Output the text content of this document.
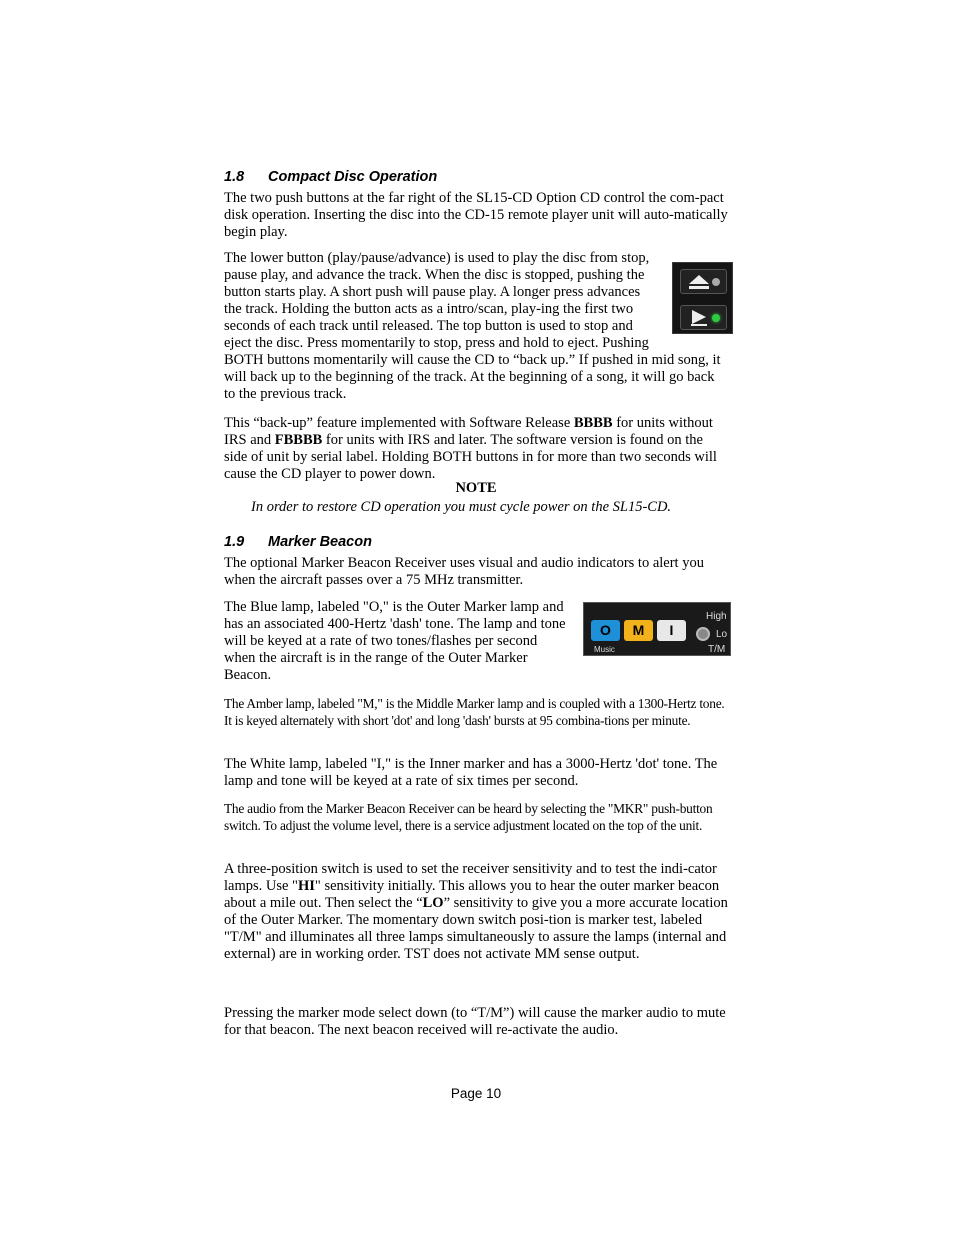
1.8 Compact Disc Operation

The two push buttons at the far right of the SL15-CD Option CD control the com-pact disk operation. Inserting the disc into the CD-15 remote player unit will auto-matically begin play.

The lower button (play/pause/advance) is used to play the disc from stop, pause play, and advance the track. When the disc is stopped, pushing the button starts play. A short push will pause play. A longer press advances the track. Holding the button acts as a intro/scan, play-ing the first two seconds of each track until released. The top button is used to stop and eject the disc. Press momentarily to stop, press and hold to eject. Pushing BOTH buttons momentarily will cause the CD to “back up.” If pushed in mid song, it will back up to the beginning of the track. At the beginning of a song, it will go back to the previous track.

This “back-up” feature implemented with Software Release BBBB for units without IRS and FBBBB for units with IRS and later. The software version is found on the side of unit by serial label. Holding BOTH buttons in for more than two seconds will cause the CD player to power down.

NOTE
In order to restore CD operation you must cycle power on the SL15-CD.
1.9 Marker Beacon

The optional Marker Beacon Receiver uses visual and audio indicators to alert you when the aircraft passes over a 75 MHz transmitter.

The Blue lamp, labeled "O," is the Outer Marker lamp and has an associated 400-Hertz 'dash' tone. The lamp and tone will be keyed at a rate of two tones/flashes per second when the aircraft is in the range of the Outer Marker Beacon.

O	M	I
High
Lo
T/M
Music

The Amber lamp, labeled "M," is the Middle Marker lamp and is coupled with a 1300-Hertz tone. It is keyed alternately with short 'dot' and long 'dash' bursts at 95 combina-tions per minute.

The White lamp, labeled "I," is the Inner marker and has a 3000-Hertz 'dot' tone. The lamp and tone will be keyed at a rate of six times per second.

The audio from the Marker Beacon Receiver can be heard by selecting the "MKR" push-button switch. To adjust the volume level, there is a service adjustment located on the top of the unit.

A three-position switch is used to set the receiver sensitivity and to test the indi-cator lamps. Use "HI" sensitivity initially. This allows you to hear the outer marker beacon about a mile out. Then select the “LO” sensitivity to give you a more accurate location of the Outer Marker. The momentary down switch posi-tion is marker test, labeled "T/M" and illuminates all three lamps simultaneously to assure the lamps (internal and external) are in working order. TST does not activate MM sense output.

Pressing the marker mode select down (to “T/M”) will cause the marker audio to mute for that beacon. The next beacon received will re-activate the audio.

Page 10
